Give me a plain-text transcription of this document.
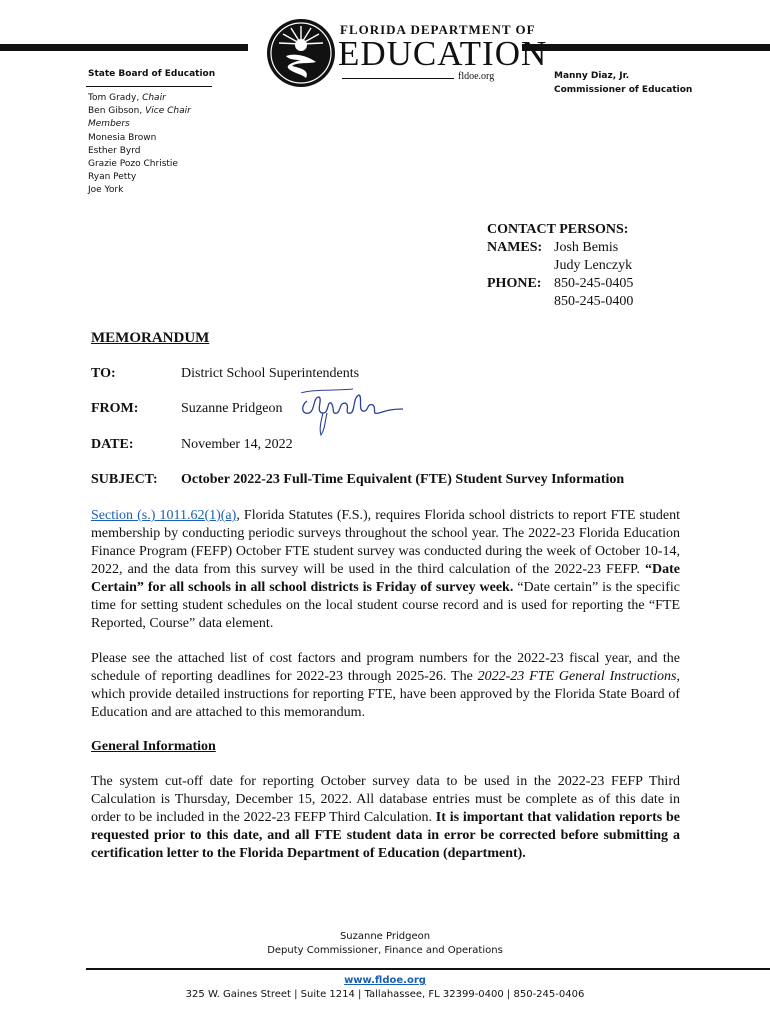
FLORIDA DEPARTMENT OF
EDUCATION
fldoe.org
State Board of Education
Tom Grady, Chair
Ben Gibson, Vice Chair
Members
Monesia Brown
Esther Byrd
Grazie Pozo Christie
Ryan Petty
Joe York
Manny Diaz, Jr.
Commissioner of Education
CONTACT PERSONS:
NAMES: Josh Bemis
Judy Lenczyk
PHONE: 850-245-0405
850-245-0400
MEMORANDUM
TO:	District School Superintendents
FROM:	Suzanne Pridgeon
DATE:	November 14, 2022
SUBJECT: October 2022-23 Full-Time Equivalent (FTE) Student Survey Information
Section (s.) 1011.62(1)(a), Florida Statutes (F.S.), requires Florida school districts to report FTE student membership by conducting periodic surveys throughout the school year. The 2022-23 Florida Education Finance Program (FEFP) October FTE student survey was conducted during the week of October 10-14, 2022, and the data from this survey will be used in the third calculation of the 2022-23 FEFP. “Date Certain” for all schools in all school districts is Friday of survey week. “Date certain” is the specific time for setting student schedules on the local student course record and is used for reporting the “FTE Reported, Course” data element.
Please see the attached list of cost factors and program numbers for the 2022-23 fiscal year, and the schedule of reporting deadlines for 2022-23 through 2025-26. The 2022-23 FTE General Instructions, which provide detailed instructions for reporting FTE, have been approved by the Florida State Board of Education and are attached to this memorandum.
General Information
The system cut-off date for reporting October survey data to be used in the 2022-23 FEFP Third Calculation is Thursday, December 15, 2022. All database entries must be complete as of this date in order to be included in the 2022-23 FEFP Third Calculation. It is important that validation reports be requested prior to this date, and all FTE student data in error be corrected before submitting a certification letter to the Florida Department of Education (department).
Suzanne Pridgeon
Deputy Commissioner, Finance and Operations
www.fldoe.org
325 W. Gaines Street | Suite 1214 | Tallahassee, FL 32399-0400 | 850-245-0406
